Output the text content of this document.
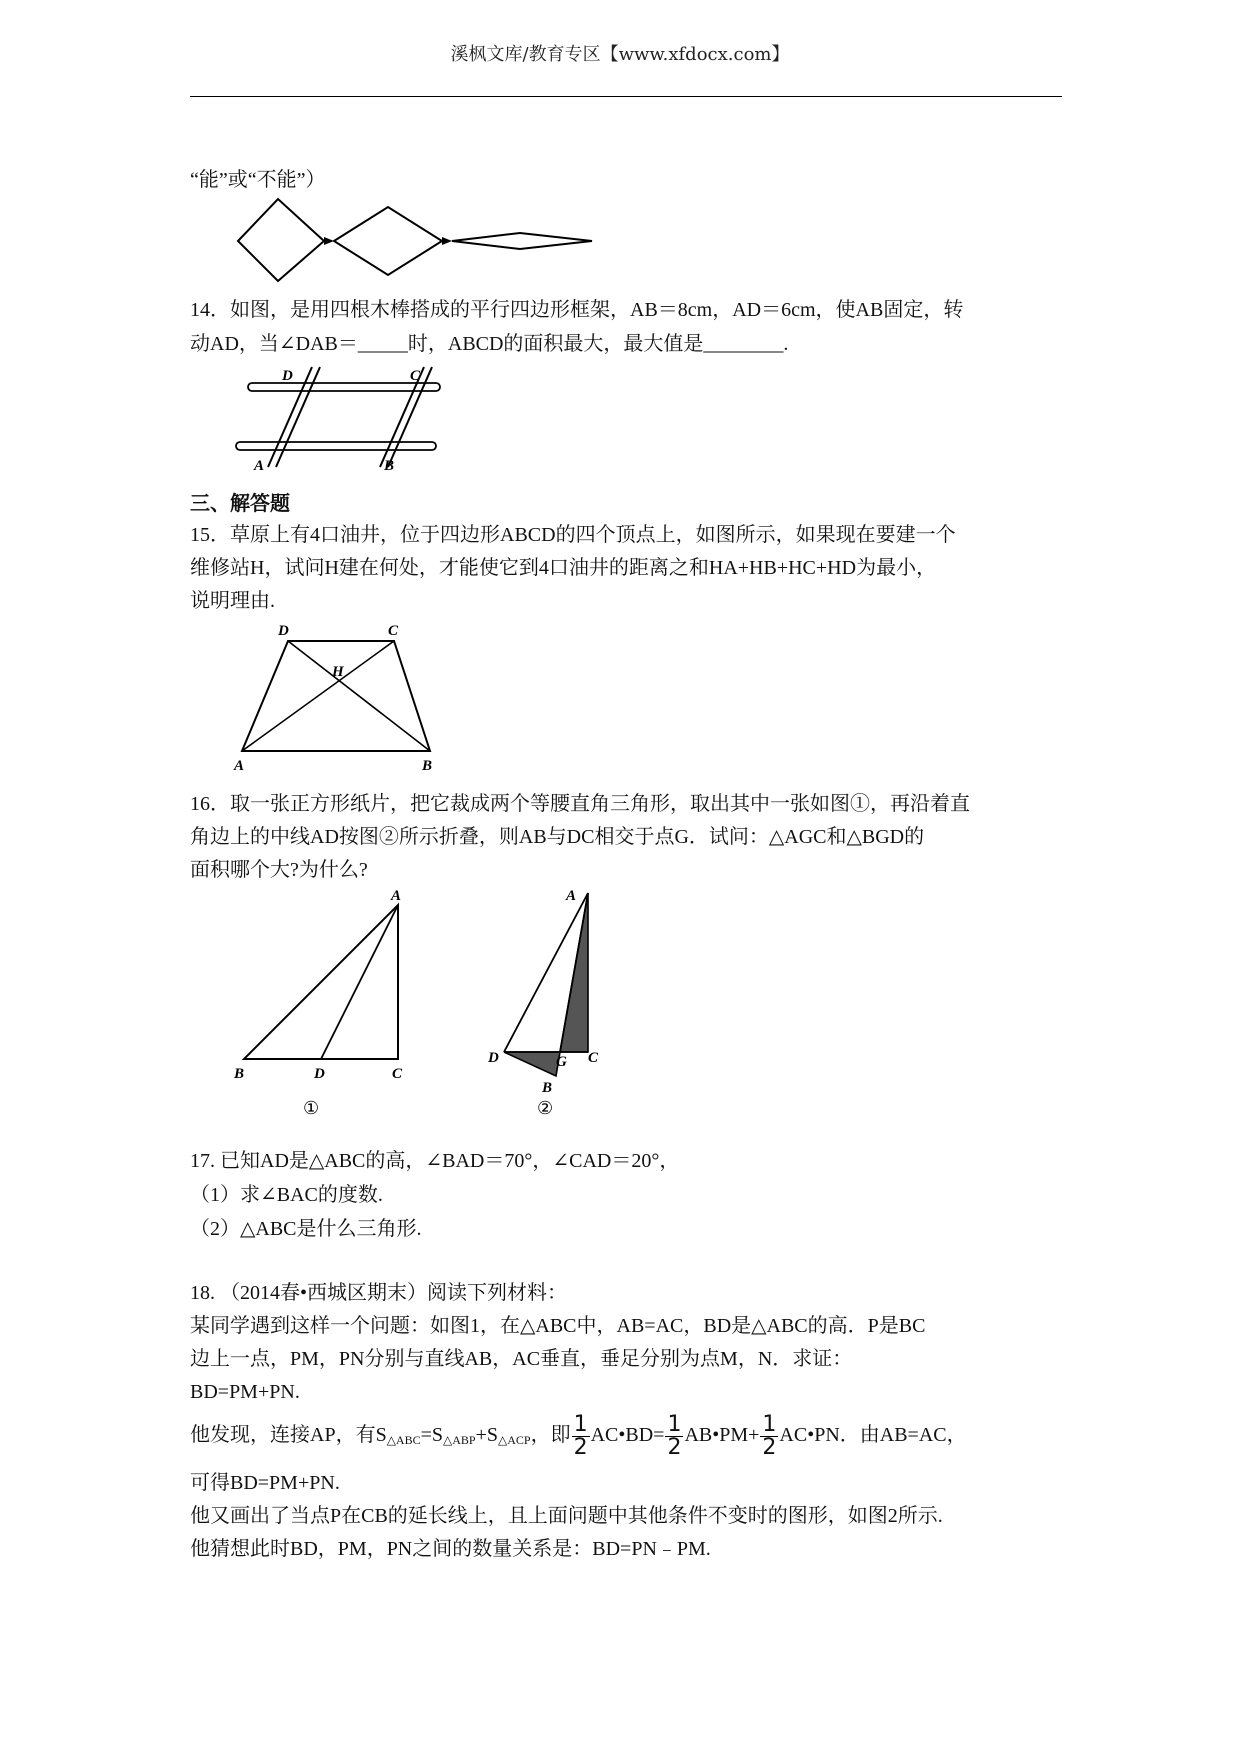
溪枫文库/教育专区【www.xfdocx.com】
“能”或“不能”）
14．如图，是用四根木棒搭成的平行四边形框架，AB＝8cm，AD＝6cm，使AB固定，转
动AD，当∠DAB＝_____时，ABCD的面积最大，最大值是________.
D	C
A	B
三、解答题
15．草原上有4口油井，位于四边形ABCD的四个顶点上，如图所示，如果现在要建一个
维修站H，试问H建在何处，才能使它到4口油井的距离之和HA+HB+HC+HD为最小，
说明理由.
D	C
H
A	B
16．取一张正方形纸片，把它裁成两个等腰直角三角形，取出其中一张如图①，再沿着直
角边上的中线AD按图②所示折叠，则AB与DC相交于点G．试问：△AGC和△BGD的
面积哪个大?为什么?
A
B	D	C
①
A
D	G C
B
②
17. 已知AD是△ABC的高，∠BAD＝70°，∠CAD＝20°，
（1）求∠BAC的度数.
（2）△ABC是什么三角形.
18. （2014春•西城区期末）阅读下列材料：
某同学遇到这样一个问题：如图1，在△ABC中，AB=AC，BD是△ABC的高．P是BC
边上一点，PM，PN分别与直线AB，AC垂直，垂足分别为点M，N．求证：
BD=PM+PN.
他发现，连接AP，有$S_{\triangle ABC}=S_{\triangle ABP}+S_{\triangle ACP}$，即 $\frac{1}{2}$ AC•BD= $\frac{1}{2}$ AB•PM+ $\frac{1}{2}$ AC•PN．由AB=AC，
可得BD=PM+PN.
他又画出了当点P在CB的延长线上，且上面问题中其他条件不变时的图形，如图2所示.
他猜想此时BD，PM，PN之间的数量关系是：BD=PN﹣PM.
